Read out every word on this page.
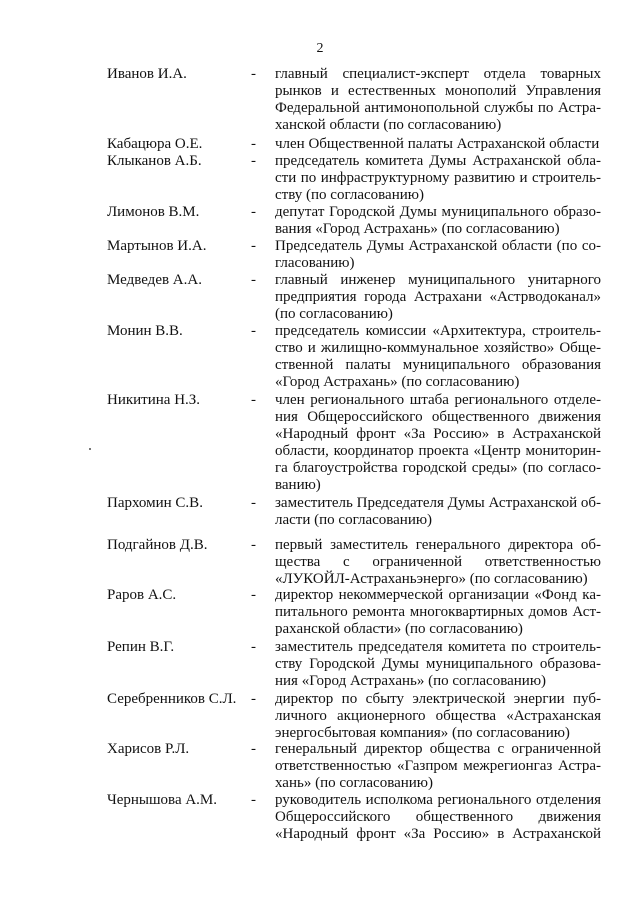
2
Иванов И.А.	- главный специалист-эксперт отдела товарных
рынков и естественных монополий Управления
Федеральной антимонопольной службы по Астра-
ханской области (по согласованию)
Кабацюра О.Е.	- член Общественной палаты Астраханской области
Клыканов А.Б.	- председатель комитета Думы Астраханской обла-
сти по инфраструктурному развитию и строитель-
ству (по согласованию)
Лимонов В.М.	- депутат Городской Думы муниципального образо-
вания «Город Астрахань» (по согласованию)
Мартынов И.А.	- Председатель Думы Астраханской области (по со-
гласованию)
Медведев А.А.	- главный инженер муниципального унитарного
предприятия города Астрахани «Астрводоканал»
(по согласованию)
Монин В.В.	- председатель комиссии «Архитектура, строитель-
ство и жилищно-коммунальное хозяйство» Обще-
ственной палаты муниципального образования
«Город Астрахань» (по согласованию)
Никитина Н.З.	- член регионального штаба регионального отделе-
ния Общероссийского общественного движения
«Народный фронт «За Россию» в Астраханской
области, координатор проекта «Центр мониторин-
га благоустройства городской среды» (по согласо-
ванию)
Пархомин С.В.	- заместитель Председателя Думы Астраханской об-
ласти (по согласованию)
Подгайнов Д.В.	- первый заместитель генерального директора об-
щества с ограниченной ответственностью
«ЛУКОЙЛ-Астраханьэнерго» (по согласованию)
Раров А.С.	- директор некоммерческой организации «Фонд ка-
питального ремонта многоквартирных домов Аст-
раханской области» (по согласованию)
Репин В.Г.	- заместитель председателя комитета по строитель-
ству Городской Думы муниципального образова-
ния «Город Астрахань» (по согласованию)
Серебренников С.Л. - директор по сбыту электрической энергии пуб-
личного акционерного общества «Астраханская
энергосбытовая компания» (по согласованию)
Харисов Р.Л.	- генеральный директор общества с ограниченной
ответственностью «Газпром межрегионгаз Астра-
хань» (по согласованию)
Чернышова А.М. - руководитель исполкома регионального отделения
Общероссийского общественного движения
«Народный фронт «За Россию» в Астраханской
